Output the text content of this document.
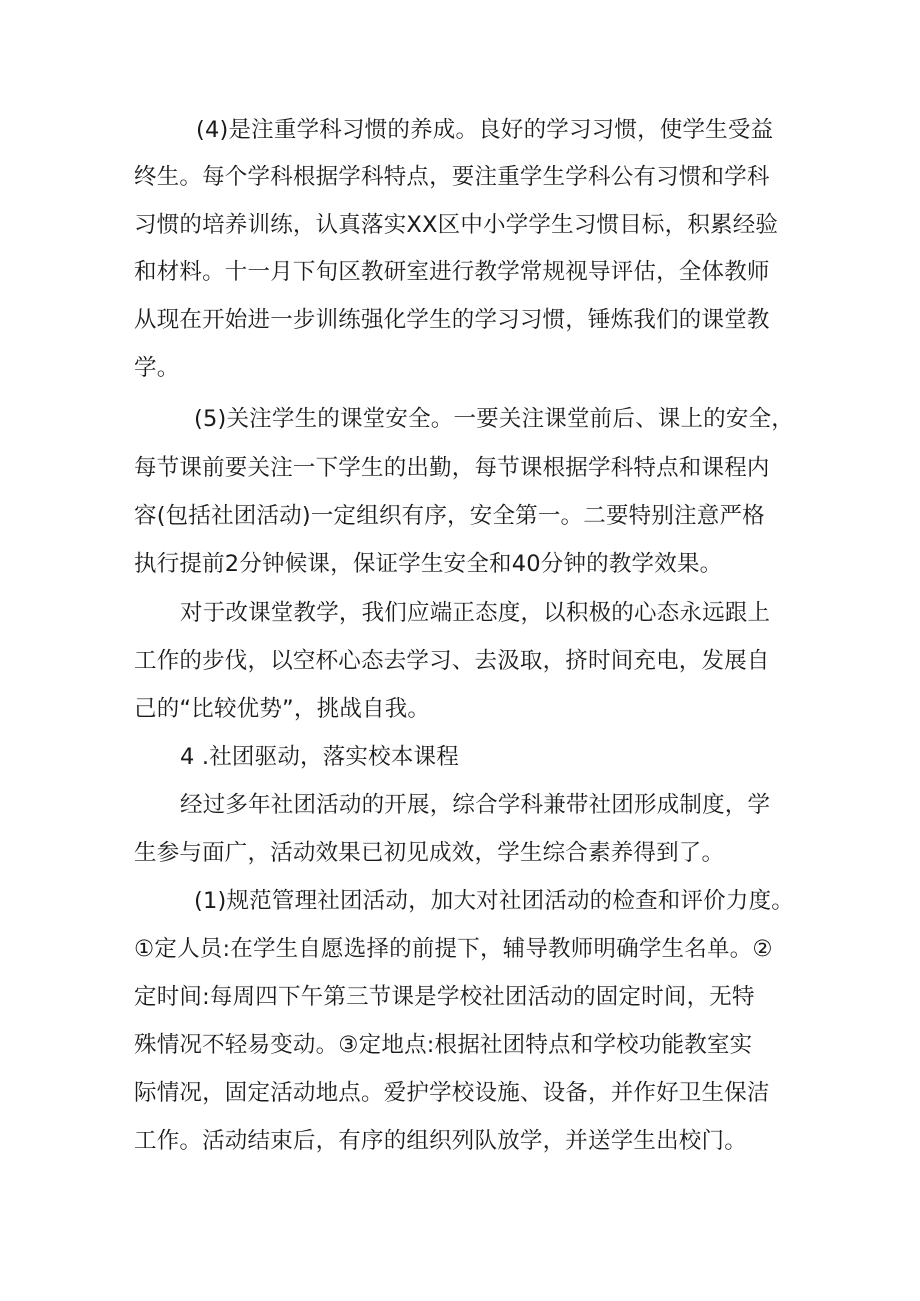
(4)是注重学科习惯的养成。良好的学习习惯，使学生受益
终生。每个学科根据学科特点，要注重学生学科公有习惯和学科
习惯的培养训练，认真落实XX区中小学学生习惯目标，积累经验
和材料。十一月下旬区教研室进行教学常规视导评估，全体教师
从现在开始进一步训练强化学生的学习习惯，锤炼我们的课堂教
学。
(5)关注学生的课堂安全。一要关注课堂前后、课上的安全，
每节课前要关注一下学生的出勤，每节课根据学科特点和课程内
容(包括社团活动)一定组织有序，安全第一。二要特别注意严格
执行提前2分钟候课，保证学生安全和40分钟的教学效果。
对于改课堂教学，我们应端正态度，以积极的心态永远跟上
工作的步伐，以空杯心态去学习、去汲取，挤时间充电，发展自
己的“比较优势”，挑战自我。
4 .社团驱动，落实校本课程
经过多年社团活动的开展，综合学科兼带社团形成制度，学
生参与面广，活动效果已初见成效，学生综合素养得到了。
(1)规范管理社团活动，加大对社团活动的检查和评价力度。
①定人员:在学生自愿选择的前提下，辅导教师明确学生名单。②
定时间:每周四下午第三节课是学校社团活动的固定时间，无特
殊情况不轻易变动。③定地点:根据社团特点和学校功能教室实
际情况，固定活动地点。爱护学校设施、设备，并作好卫生保洁
工作。活动结束后，有序的组织列队放学，并送学生出校门。
